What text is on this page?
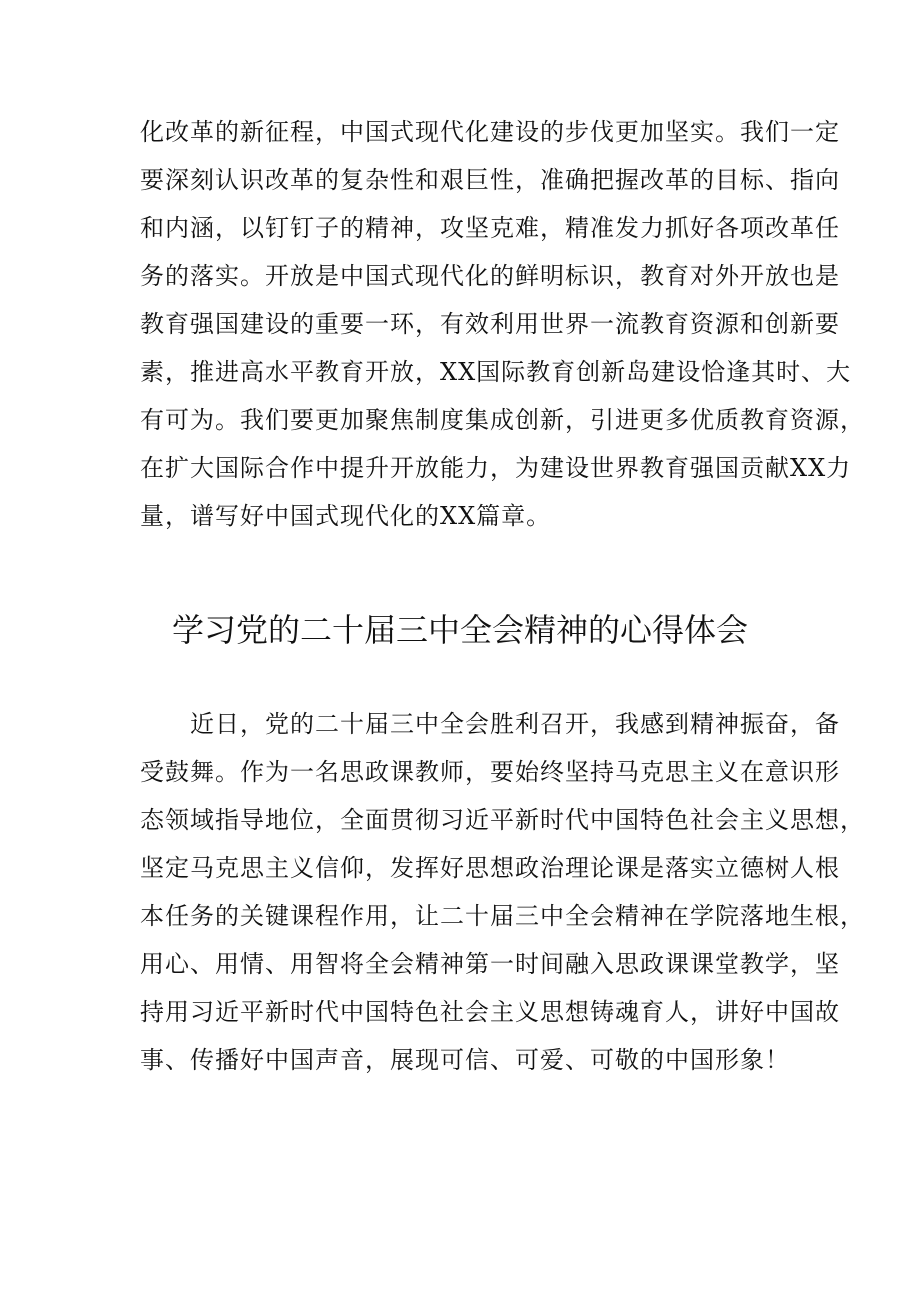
化改革的新征程，中国式现代化建设的步伐更加坚实。我们一定
要深刻认识改革的复杂性和艰巨性，准确把握改革的目标、指向
和内涵，以钉钉子的精神，攻坚克难，精准发力抓好各项改革任
务的落实。开放是中国式现代化的鲜明标识，教育对外开放也是
教育强国建设的重要一环，有效利用世界一流教育资源和创新要
素，推进高水平教育开放，XX国际教育创新岛建设恰逢其时、大
有可为。我们要更加聚焦制度集成创新，引进更多优质教育资源，
在扩大国际合作中提升开放能力，为建设世界教育强国贡献XX力
量，谱写好中国式现代化的XX篇章。
学习党的二十届三中全会精神的心得体会
　　近日，党的二十届三中全会胜利召开，我感到精神振奋，备
受鼓舞。作为一名思政课教师，要始终坚持马克思主义在意识形
态领域指导地位，全面贯彻习近平新时代中国特色社会主义思想，
坚定马克思主义信仰，发挥好思想政治理论课是落实立德树人根
本任务的关键课程作用，让二十届三中全会精神在学院落地生根，
用心、用情、用智将全会精神第一时间融入思政课课堂教学，坚
持用习近平新时代中国特色社会主义思想铸魂育人，讲好中国故
事、传播好中国声音，展现可信、可爱、可敬的中国形象！
